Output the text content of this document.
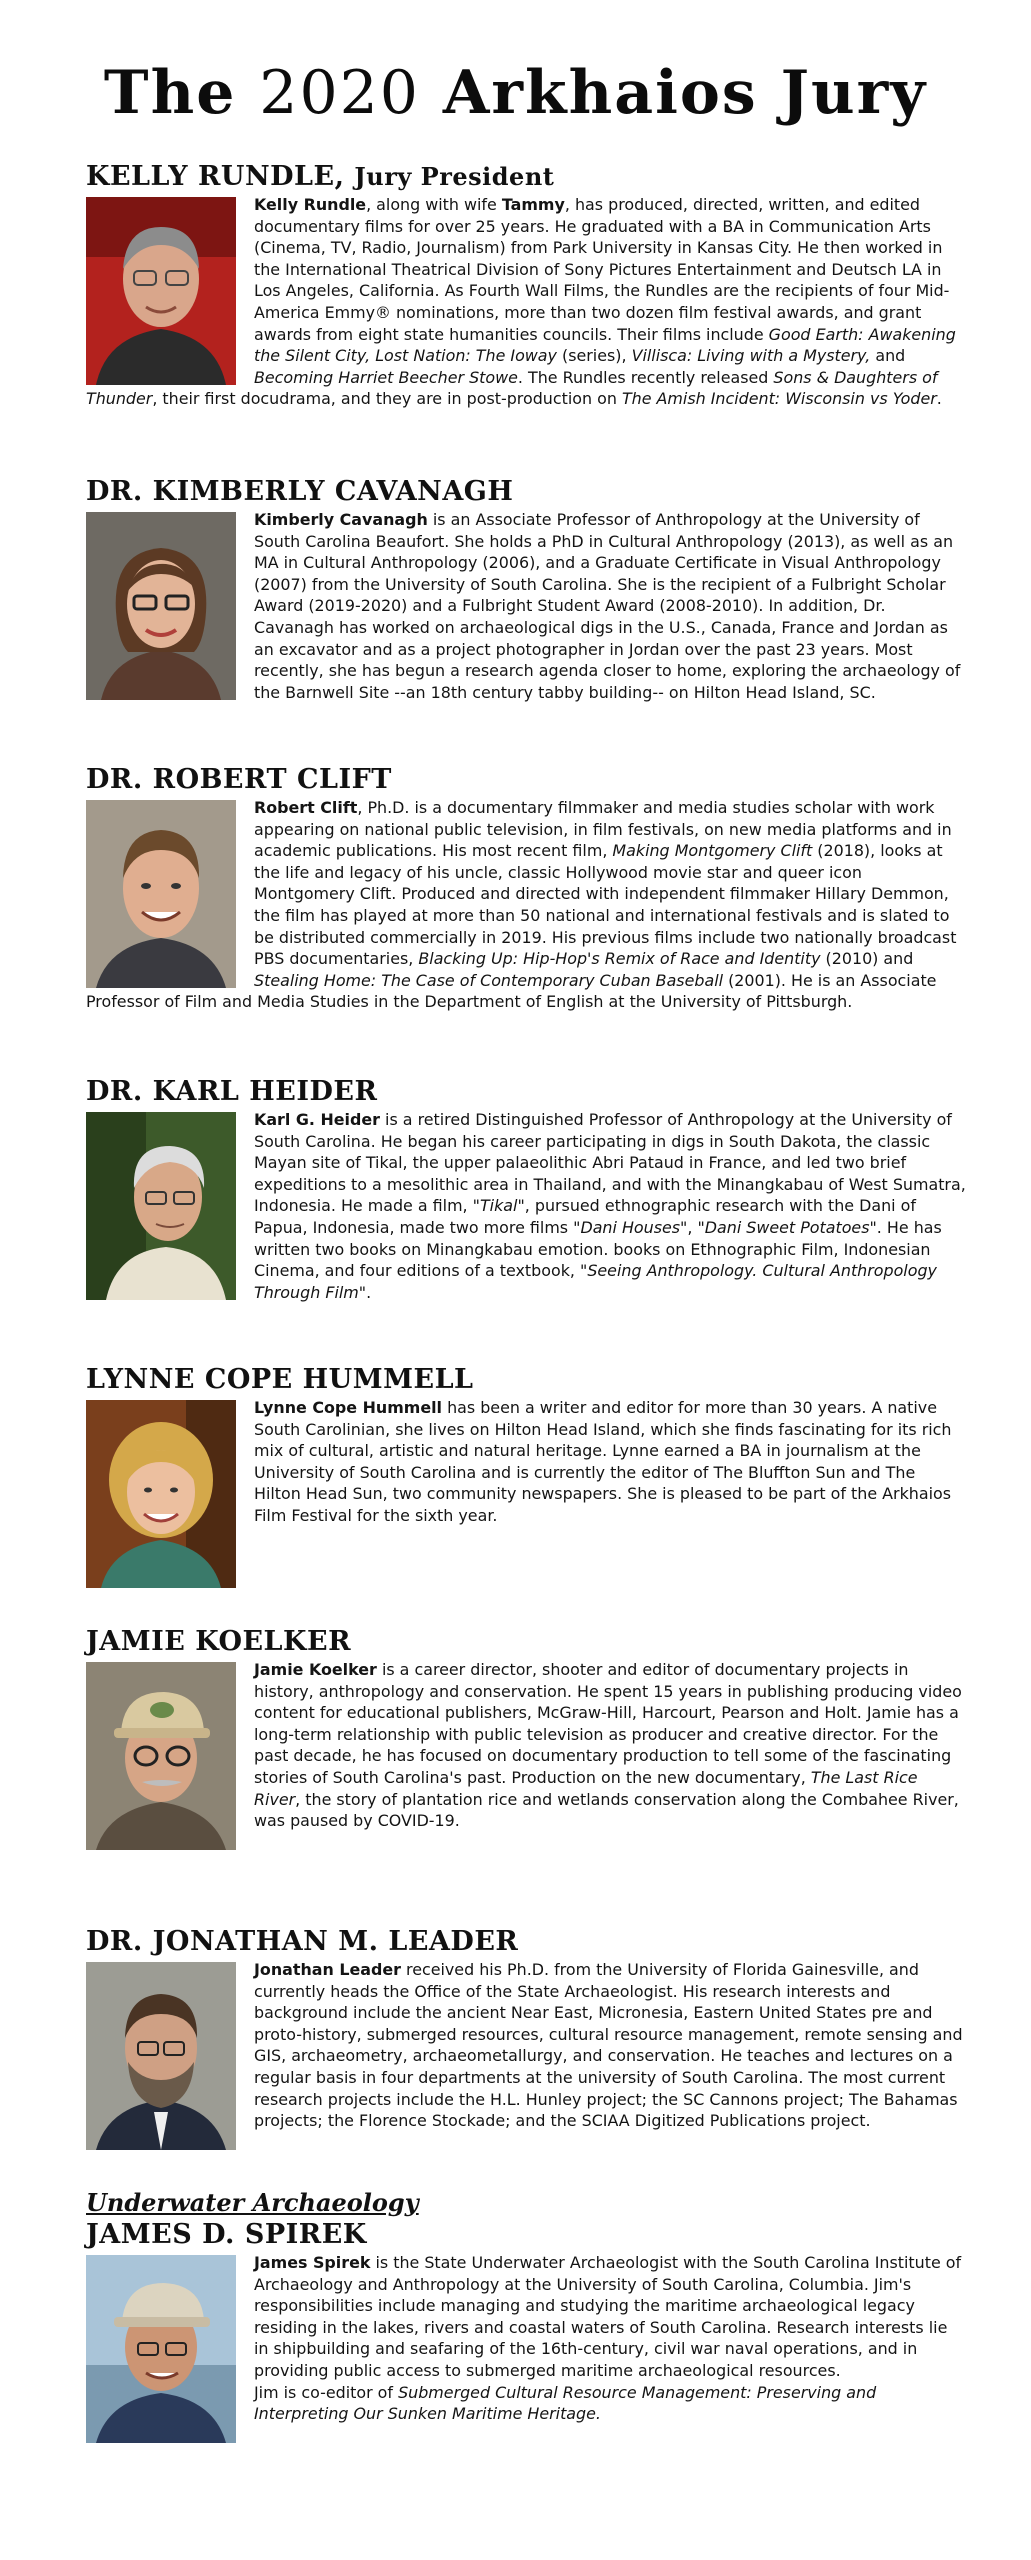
The 2020 Arkhaios Jury
KELLY RUNDLE, Jury President

Kelly Rundle, along with wife Tammy, has produced, directed, written, and edited documentary films for over 25 years. He graduated with a BA in Communication Arts (Cinema, TV, Radio, Journalism) from Park University in Kansas City. He then worked in the International Theatrical Division of Sony Pictures Entertainment and Deutsch LA in Los Angeles, California. As Fourth Wall Films, the Rundles are the recipients of four Mid-America Emmy® nominations, more than two dozen film festival awards, and grant awards from eight state humanities councils. Their films include Good Earth: Awakening the Silent City, Lost Nation: The Ioway (series), Villisca: Living with a Mystery, and Becoming Harriet Beecher Stowe. The Rundles recently released Sons & Daughters of Thunder, their first docudrama, and they are in post-production on The Amish Incident: Wisconsin vs Yoder.

DR. KIMBERLY CAVANAGH

Kimberly Cavanagh is an Associate Professor of Anthropology at the University of South Carolina Beaufort. She holds a PhD in Cultural Anthropology (2013), as well as an MA in Cultural Anthropology (2006), and a Graduate Certificate in Visual Anthropology (2007) from the University of South Carolina. She is the recipient of a Fulbright Scholar Award (2019-2020) and a Fulbright Student Award (2008-2010). In addition, Dr. Cavanagh has worked on archaeological digs in the U.S., Canada, France and Jordan as an excavator and as a project photographer in Jordan over the past 23 years. Most recently, she has begun a research agenda closer to home, exploring the archaeology of the Barnwell Site --an 18th century tabby building-- on Hilton Head Island, SC.

DR. ROBERT CLIFT

Robert Clift, Ph.D. is a documentary filmmaker and media studies scholar with work appearing on national public television, in film festivals, on new media platforms and in academic publications. His most recent film, Making Montgomery Clift (2018), looks at the life and legacy of his uncle, classic Hollywood movie star and queer icon Montgomery Clift. Produced and directed with independent filmmaker Hillary Demmon, the film has played at more than 50 national and international festivals and is slated to be distributed commercially in 2019. His previous films include two nationally broadcast PBS documentaries, Blacking Up: Hip-Hop's Remix of Race and Identity (2010) and Stealing Home: The Case of Contemporary Cuban Baseball (2001). He is an Associate Professor of Film and Media Studies in the Department of English at the University of Pittsburgh.

DR. KARL HEIDER

Karl G. Heider is a retired Distinguished Professor of Anthropology at the University of South Carolina. He began his career participating in digs in South Dakota, the classic Mayan site of Tikal, the upper palaeolithic Abri Pataud in France, and led two brief expeditions to a mesolithic area in Thailand, and with the Minangkabau of West Sumatra, Indonesia. He made a film, "Tikal", pursued ethnographic research with the Dani of Papua, Indonesia, made two more films "Dani Houses", "Dani Sweet Potatoes". He has written two books on Minangkabau emotion. books on Ethnographic Film, Indonesian Cinema, and four editions of a textbook, "Seeing Anthropology. Cultural Anthropology Through Film".

LYNNE COPE HUMMELL

Lynne Cope Hummell has been a writer and editor for more than 30 years. A native South Carolinian, she lives on Hilton Head Island, which she finds fascinating for its rich mix of cultural, artistic and natural heritage. Lynne earned a BA in journalism at the University of South Carolina and is currently the editor of The Bluffton Sun and The Hilton Head Sun, two community newspapers. She is pleased to be part of the Arkhaios Film Festival for the sixth year.

JAMIE KOELKER

Jamie Koelker is a career director, shooter and editor of documentary projects in history, anthropology and conservation. He spent 15 years in publishing producing video content for educational publishers, McGraw-Hill, Harcourt, Pearson and Holt. Jamie has a long-term relationship with public television as producer and creative director. For the past decade, he has focused on documentary production to tell some of the fascinating stories of South Carolina's past. Production on the new documentary, The Last Rice River, the story of plantation rice and wetlands conservation along the Combahee River, was paused by COVID-19.

DR. JONATHAN M. LEADER

Jonathan Leader received his Ph.D. from the University of Florida Gainesville, and currently heads the Office of the State Archaeologist. His research interests and background include the ancient Near East, Micronesia, Eastern United States pre and proto-history, submerged resources, cultural resource management, remote sensing and GIS, archaeometry, archaeometallurgy, and conservation. He teaches and lectures on a regular basis in four departments at the university of South Carolina. The most current research projects include the H.L. Hunley project; the SC Cannons project; The Bahamas projects; the Florence Stockade; and the SCIAA Digitized Publications project.

Underwater Archaeology
JAMES D. SPIREK

James Spirek is the State Underwater Archaeologist with the South Carolina Institute of Archaeology and Anthropology at the University of South Carolina, Columbia. Jim's responsibilities include managing and studying the maritime archaeological legacy residing in the lakes, rivers and coastal waters of South Carolina. Research interests lie in shipbuilding and seafaring of the 16th-century, civil war naval operations, and in providing public access to submerged maritime archaeological resources.
Jim is co-editor of Submerged Cultural Resource Management: Preserving and Interpreting Our Sunken Maritime Heritage.
